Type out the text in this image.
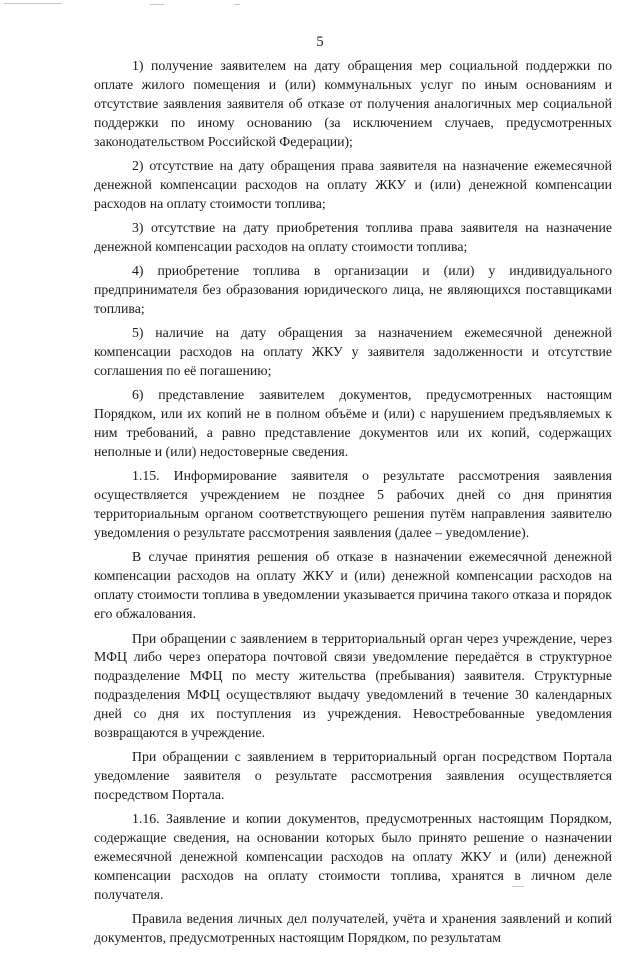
5

1) получение заявителем на дату обращения мер социальной поддержки по оплате жилого помещения и (или) коммунальных услуг по иным основаниям и отсутствие заявления заявителя об отказе от получения аналогичных мер социальной поддержки по иному основанию (за исключением случаев, предусмотренных законодательством Российской Федерации);

2) отсутствие на дату обращения права заявителя на назначение ежемесячной денежной компенсации расходов на оплату ЖКУ и (или) денежной компенсации расходов на оплату стоимости топлива;

3) отсутствие на дату приобретения топлива права заявителя на назначение денежной компенсации расходов на оплату стоимости топлива;

4) приобретение топлива в организации и (или) у индивидуального предпринимателя без образования юридического лица, не являющихся поставщиками топлива;

5) наличие на дату обращения за назначением ежемесячной денежной компенсации расходов на оплату ЖКУ у заявителя задолженности и отсутствие соглашения по её погашению;

6) представление заявителем документов, предусмотренных настоящим Порядком, или их копий не в полном объёме и (или) с нарушением предъявляемых к ним требований, а равно представление документов или их копий, содержащих неполные и (или) недостоверные сведения.

1.15. Информирование заявителя о результате рассмотрения заявления осуществляется учреждением не позднее 5 рабочих дней со дня принятия территориальным органом соответствующего решения путём направления заявителю уведомления о результате рассмотрения заявления (далее – уведомление).

В случае принятия решения об отказе в назначении ежемесячной денежной компенсации расходов на оплату ЖКУ и (или) денежной компенсации расходов на оплату стоимости топлива в уведомлении указывается причина такого отказа и порядок его обжалования.

При обращении с заявлением в территориальный орган через учреждение, через МФЦ либо через оператора почтовой связи уведомление передаётся в структурное подразделение МФЦ по месту жительства (пребывания) заявителя. Структурные подразделения МФЦ осуществляют выдачу уведомлений в течение 30 календарных дней со дня их поступления из учреждения. Невостребованные уведомления возвращаются в учреждение.

При обращении с заявлением в территориальный орган посредством Портала уведомление заявителя о результате рассмотрения заявления осуществляется посредством Портала.

1.16. Заявление и копии документов, предусмотренных настоящим Порядком, содержащие сведения, на основании которых было принято решение о назначении ежемесячной денежной компенсации расходов на оплату ЖКУ и (или) денежной компенсации расходов на оплату стоимости топлива, хранятся в личном деле получателя.

Правила ведения личных дел получателей, учёта и хранения заявлений и копий документов, предусмотренных настоящим Порядком, по результатам
